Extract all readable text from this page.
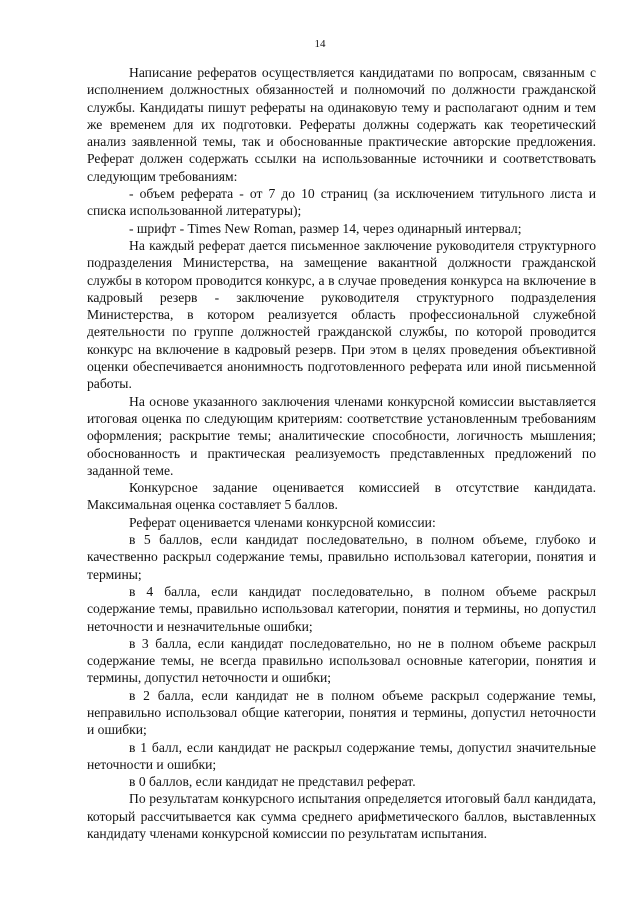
14

Написание рефератов осуществляется кандидатами по вопросам, связанным с исполнением должностных обязанностей и полномочий по должности гражданской службы. Кандидаты пишут рефераты на одинаковую тему и располагают одним и тем же временем для их подготовки. Рефераты должны содержать как теоретический анализ заявленной темы, так и обоснованные практические авторские предложения. Реферат должен содержать ссылки на использованные источники и соответствовать следующим требованиям:

- объем реферата - от 7 до 10 страниц (за исключением титульного листа и списка использованной литературы);

- шрифт - Times New Roman, размер 14, через одинарный интервал;

На каждый реферат дается письменное заключение руководителя структурного подразделения Министерства, на замещение вакантной должности гражданской службы в котором проводится конкурс, а в случае проведения конкурса на включение в кадровый резерв - заключение руководителя структурного подразделения Министерства, в котором реализуется область профессиональной служебной деятельности по группе должностей гражданской службы, по которой проводится конкурс на включение в кадровый резерв. При этом в целях проведения объективной оценки обеспечивается анонимность подготовленного реферата или иной письменной работы.

На основе указанного заключения членами конкурсной комиссии выставляется итоговая оценка по следующим критериям: соответствие установленным требованиям оформления; раскрытие темы; аналитические способности, логичность мышления; обоснованность и практическая реализуемость представленных предложений по заданной теме.

Конкурсное задание оценивается комиссией в отсутствие кандидата. Максимальная оценка составляет 5 баллов.

Реферат оценивается членами конкурсной комиссии:

в 5 баллов, если кандидат последовательно, в полном объеме, глубоко и качественно раскрыл содержание темы, правильно использовал категории, понятия и термины;

в 4 балла, если кандидат последовательно, в полном объеме раскрыл содержание темы, правильно использовал категории, понятия и термины, но допустил неточности и незначительные ошибки;

в 3 балла, если кандидат последовательно, но не в полном объеме раскрыл содержание темы, не всегда правильно использовал основные категории, понятия и термины, допустил неточности и ошибки;

в 2 балла, если кандидат не в полном объеме раскрыл содержание темы, неправильно использовал общие категории, понятия и термины, допустил неточности и ошибки;

в 1 балл, если кандидат не раскрыл содержание темы, допустил значительные неточности и ошибки;

в 0 баллов, если кандидат не представил реферат.

По результатам конкурсного испытания определяется итоговый балл кандидата, который рассчитывается как сумма среднего арифметического баллов, выставленных кандидату членами конкурсной комиссии по результатам испытания.
